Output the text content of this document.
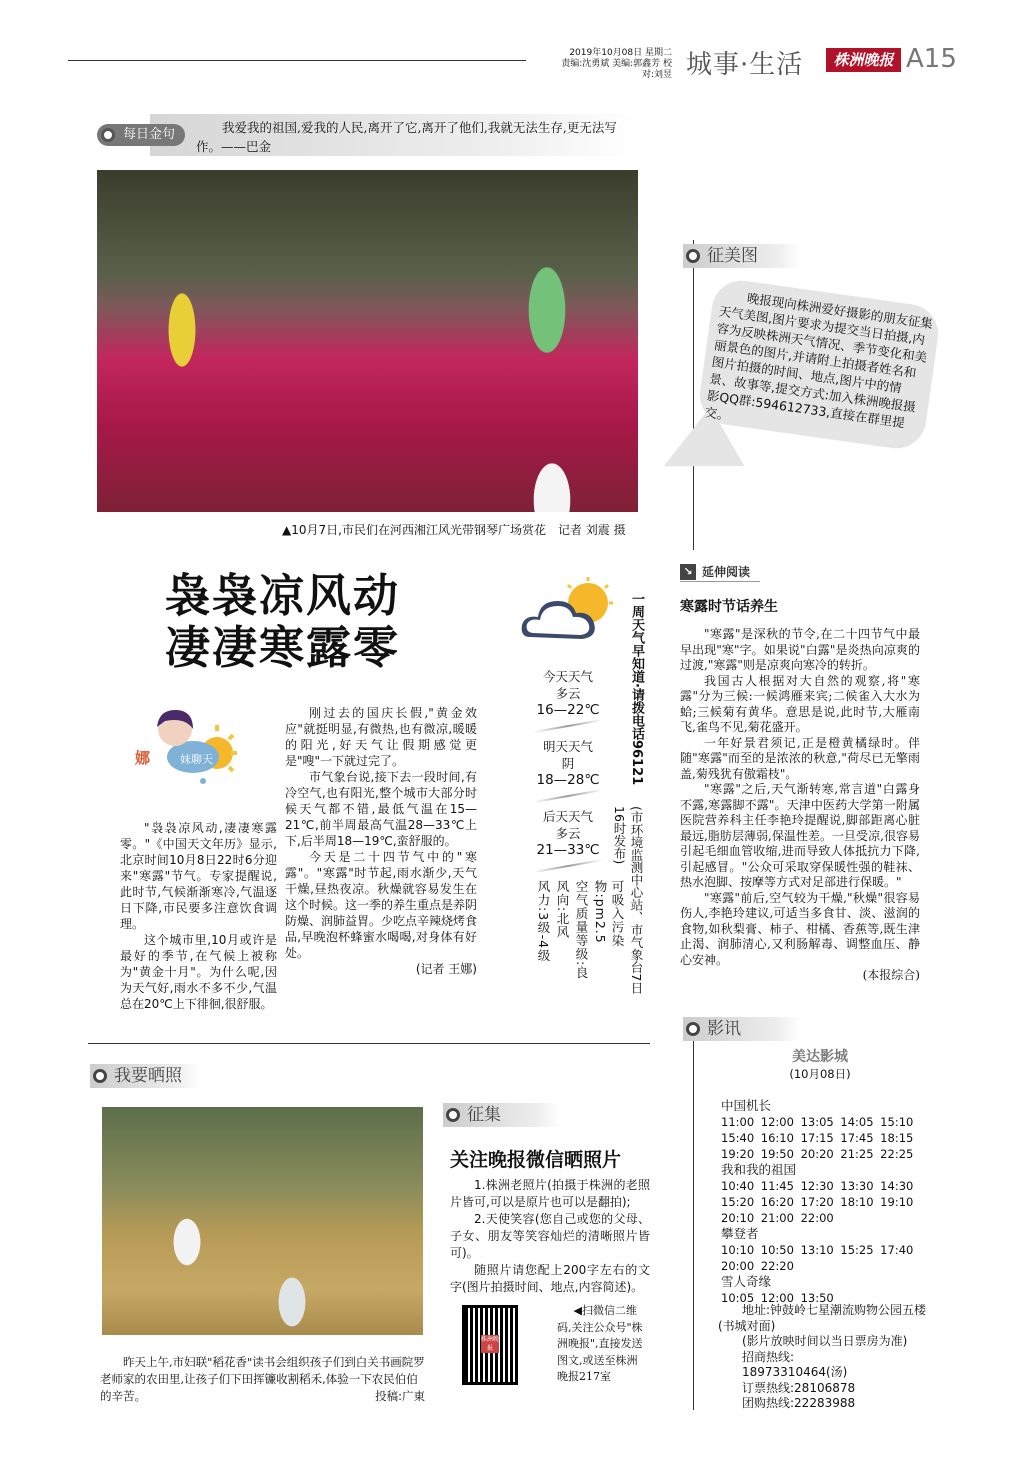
2019年10月08日 星期二
责编:沈勇斌 美编:郭鑫芳 校对:刘昱 城事·生活	株洲晚报 A15
每日金句	我爱我的祖国,爱我的人民,离开了它,离开了他们,我就无法生存,更无法写作。——巴金
▲10月7日,市民们在河西湘江风光带钢琴广场赏花　记者 刘震 摄
征美图
晚报现向株洲爱好摄影的朋友征集天气美图,图片要求为提交当日拍摄,内容为反映株洲天气情况、季节变化和美丽景色的图片,并请附上拍摄者姓名和图片拍摄的时间、地点,图片中的情景、故事等,提交方式:加入株洲晚报摄影QQ群:594612733,直接在群里提交。
↘ 延伸阅读
寒露时节话养生

"寒露"是深秋的节令,在二十四节气中最早出现"寒"字。如果说"白露"是炎热向凉爽的过渡,"寒露"则是凉爽向寒冷的转折。

我国古人根据对大自然的观察,将"寒露"分为三候:一候鸿雁来宾;二候雀入大水为蛤;三候菊有黄华。意思是说,此时节,大雁南飞,雀鸟不见,菊花盛开。

一年好景君须记,正是橙黄橘绿时。伴随"寒露"而至的是浓浓的秋意,"荷尽已无擎雨盖,菊残犹有傲霜枝"。

"寒露"之后,天气渐转寒,常言道"白露身不露,寒露脚不露"。天津中医药大学第一附属医院营养科主任李艳玲提醒说,脚部距离心脏最远,脂肪层薄弱,保温性差。一旦受凉,很容易引起毛细血管收缩,进而导致人体抵抗力下降,引起感冒。"公众可采取穿保暖性强的鞋袜、热水泡脚、按摩等方式对足部进行保暖。"

"寒露"前后,空气较为干燥,"秋燥"很容易伤人,李艳玲建议,可适当多食甘、淡、滋润的食物,如秋梨膏、柿子、柑橘、香蕉等,既生津止渴、润肺清心,又利肠解毒、调整血压、静心安神。

(本报综合)
袅袅凉风动
凄凄寒露零	一周天气早知道·请拨电话96121
(市环境监测中心站、市气象台7日16时发布)
今天天气
多云
16—22℃
明天天气
阴
18—28℃
后天天气
多云
21—33℃
可吸入污染物:pm2.5
空气质量等级:良
风向:北风
风力:3级-4级
娜	妹聊天

"袅袅凉风动,凄凄寒露零。"《中国天文年历》显示,北京时间10月8日22时6分迎来"寒露"节气。专家提醒说,此时节,气候渐渐寒冷,气温逐日下降,市民要多注意饮食调理。

这个城市里,10月或许是最好的季节,在气候上被称为"黄金十月"。为什么呢,因为天气好,雨水不多不少,气温总在20℃上下徘徊,很舒服。

刚过去的国庆长假,"黄金效应"就挺明显,有微热,也有微凉,暖暖的阳光,好天气让假期感觉更是"嗖"一下就过完了。

市气象台说,接下去一段时间,有冷空气,也有阳光,整个城市大部分时候天气都不错,最低气温在15—21℃,前半周最高气温28—33℃上下,后半周18—19℃,蛮舒服的。

今天是二十四节气中的"寒露"。"寒露"时节起,雨水渐少,天气干燥,昼热夜凉。秋燥就容易发生在这个时候。这一季的养生重点是养阴防燥、润肺益胃。少吃点辛辣烧烤食品,早晚泡杯蜂蜜水喝喝,对身体有好处。

(记者 王娜)
我要晒照
昨天上午,市妇联"稻花香"读书会组织孩子们到白关书画院罗老师家的农田里,让孩子们下田挥镰收割稻禾,体验一下农民伯伯的辛苦。	投稿:广東
征集
关注晚报微信晒照片

1.株洲老照片(拍摄于株洲的老照片皆可,可以是原片也可以是翻拍);

2.天使笑容(您自己或您的父母、子女、朋友等笑容灿烂的清晰照片皆可)。

随照片请您配上200字左右的文字(图片拍摄时间、地点,内容简述)。

株洲晚报
◀扫微信二维码,关注公众号"株洲晚报",直接发送图文,或送至株洲晚报217室
影讯
美达影城
(10月08日)
中国机长
11:00 12:00 13:05 14:05 15:10 15:40 16:10 17:15 17:45 18:15 19:20 19:50 20:20 21:25 22:25
我和我的祖国
10:40 11:45 12:30 13:30 14:30 15:20 16:20 17:20 18:10 19:10 20:10 21:00 22:00
攀登者
10:10 10:50 13:10 15:25 17:40 20:00 22:20
雪人奇缘
10:05 12:00 13:50
地址:钟鼓岭七星潮流购物公园五楼(书城对面)
(影片放映时间以当日票房为准)
招商热线:
18973310464(汤)
订票热线:28106878
团购热线:22283988
